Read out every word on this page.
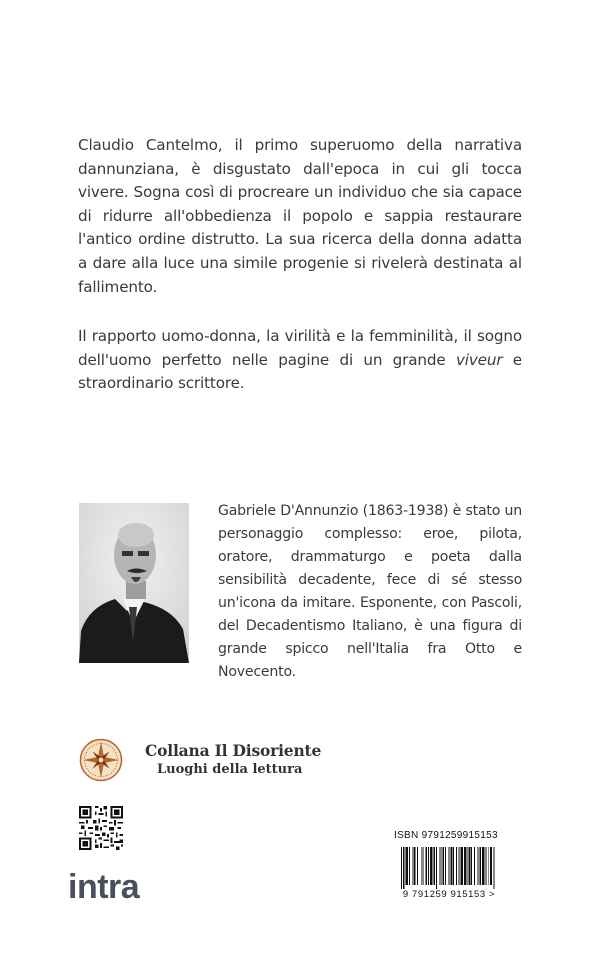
Claudio Cantelmo, il primo superuomo della narrativa dannunziana, è disgustato dall'epoca in cui gli tocca vivere. Sogna così di procreare un individuo che sia capace di ridurre all'obbedienza il popolo e sappia restaurare l'antico ordine distrutto. La sua ricerca della donna adatta a dare alla luce una simile progenie si rivelerà destinata al fallimento.

Il rapporto uomo-donna, la virilità e la femminilità, il sogno dell'uomo perfetto nelle pagine di un grande viveur e straordinario scrittore.

Gabriele D'Annunzio (1863-1938) è stato un personaggio complesso: eroe, pilota, oratore, drammaturgo e poeta dalla sensibilità decadente, fece di sé stesso un'icona da imitare. Esponente, con Pascoli, del Decadentismo Italiano, è una figura di grande spicco nell'Italia fra Otto e Novecento.

Collana Il Disoriente
Luoghi della lettura
intra
ISBN 9791259915153
9 791259 915153 >
